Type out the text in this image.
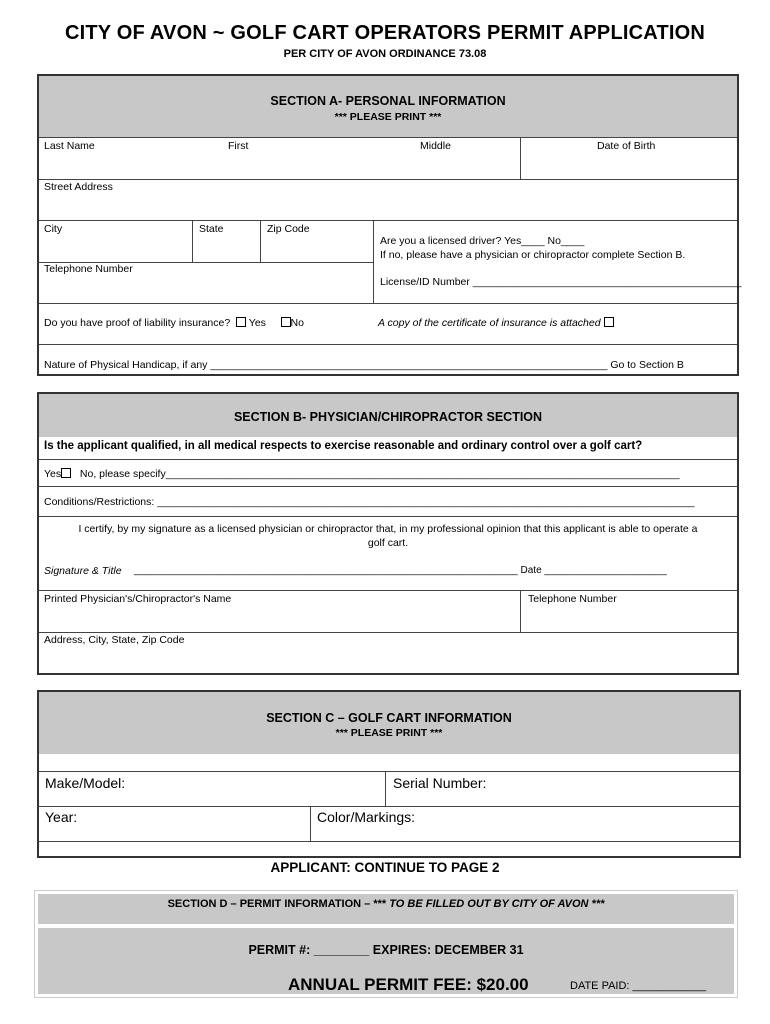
CITY OF AVON ~ GOLF CART OPERATORS PERMIT APPLICATION
PER CITY OF AVON ORDINANCE 73.08
SECTION A- PERSONAL INFORMATION
*** PLEASE PRINT ***
Last Name	First	Middle	Date of Birth
Street Address
City	State	Zip Code
Are you a licensed driver? Yes____ No____
If no, please have a physician or chiropractor complete Section B.
Telephone Number
License/ID Number ______________________________________________
Do you have proof of liability insurance? Yes No	A copy of the certificate of insurance is attached
Nature of Physical Handicap, if any ____________________________________________________________________ Go to Section B
SECTION B- PHYSICIAN/CHIROPRACTOR SECTION
Is the applicant qualified, in all medical respects to exercise reasonable and ordinary control over a golf cart?
Yes No, please specify________________________________________________________________________________________
Conditions/Restrictions: ____________________________________________________________________________________________
I certify, by my signature as a licensed physician or chiropractor that, in my professional opinion that this applicant is able to operate a
golf cart.
Signature & Title _____________________________________________________________________ Date ______________________
Printed Physician's/Chiropractor's Name	Telephone Number
Address, City, State, Zip Code
SECTION C – GOLF CART INFORMATION
*** PLEASE PRINT ***
Make/Model:	Serial Number:
Year:	Color/Markings:
APPLICANT: CONTINUE TO PAGE 2
SECTION D – PERMIT INFORMATION – *** TO BE FILLED OUT BY CITY OF AVON ***
PERMIT #: ________ EXPIRES: DECEMBER 31
ANNUAL PERMIT FEE: $20.00	DATE PAID: ____________
